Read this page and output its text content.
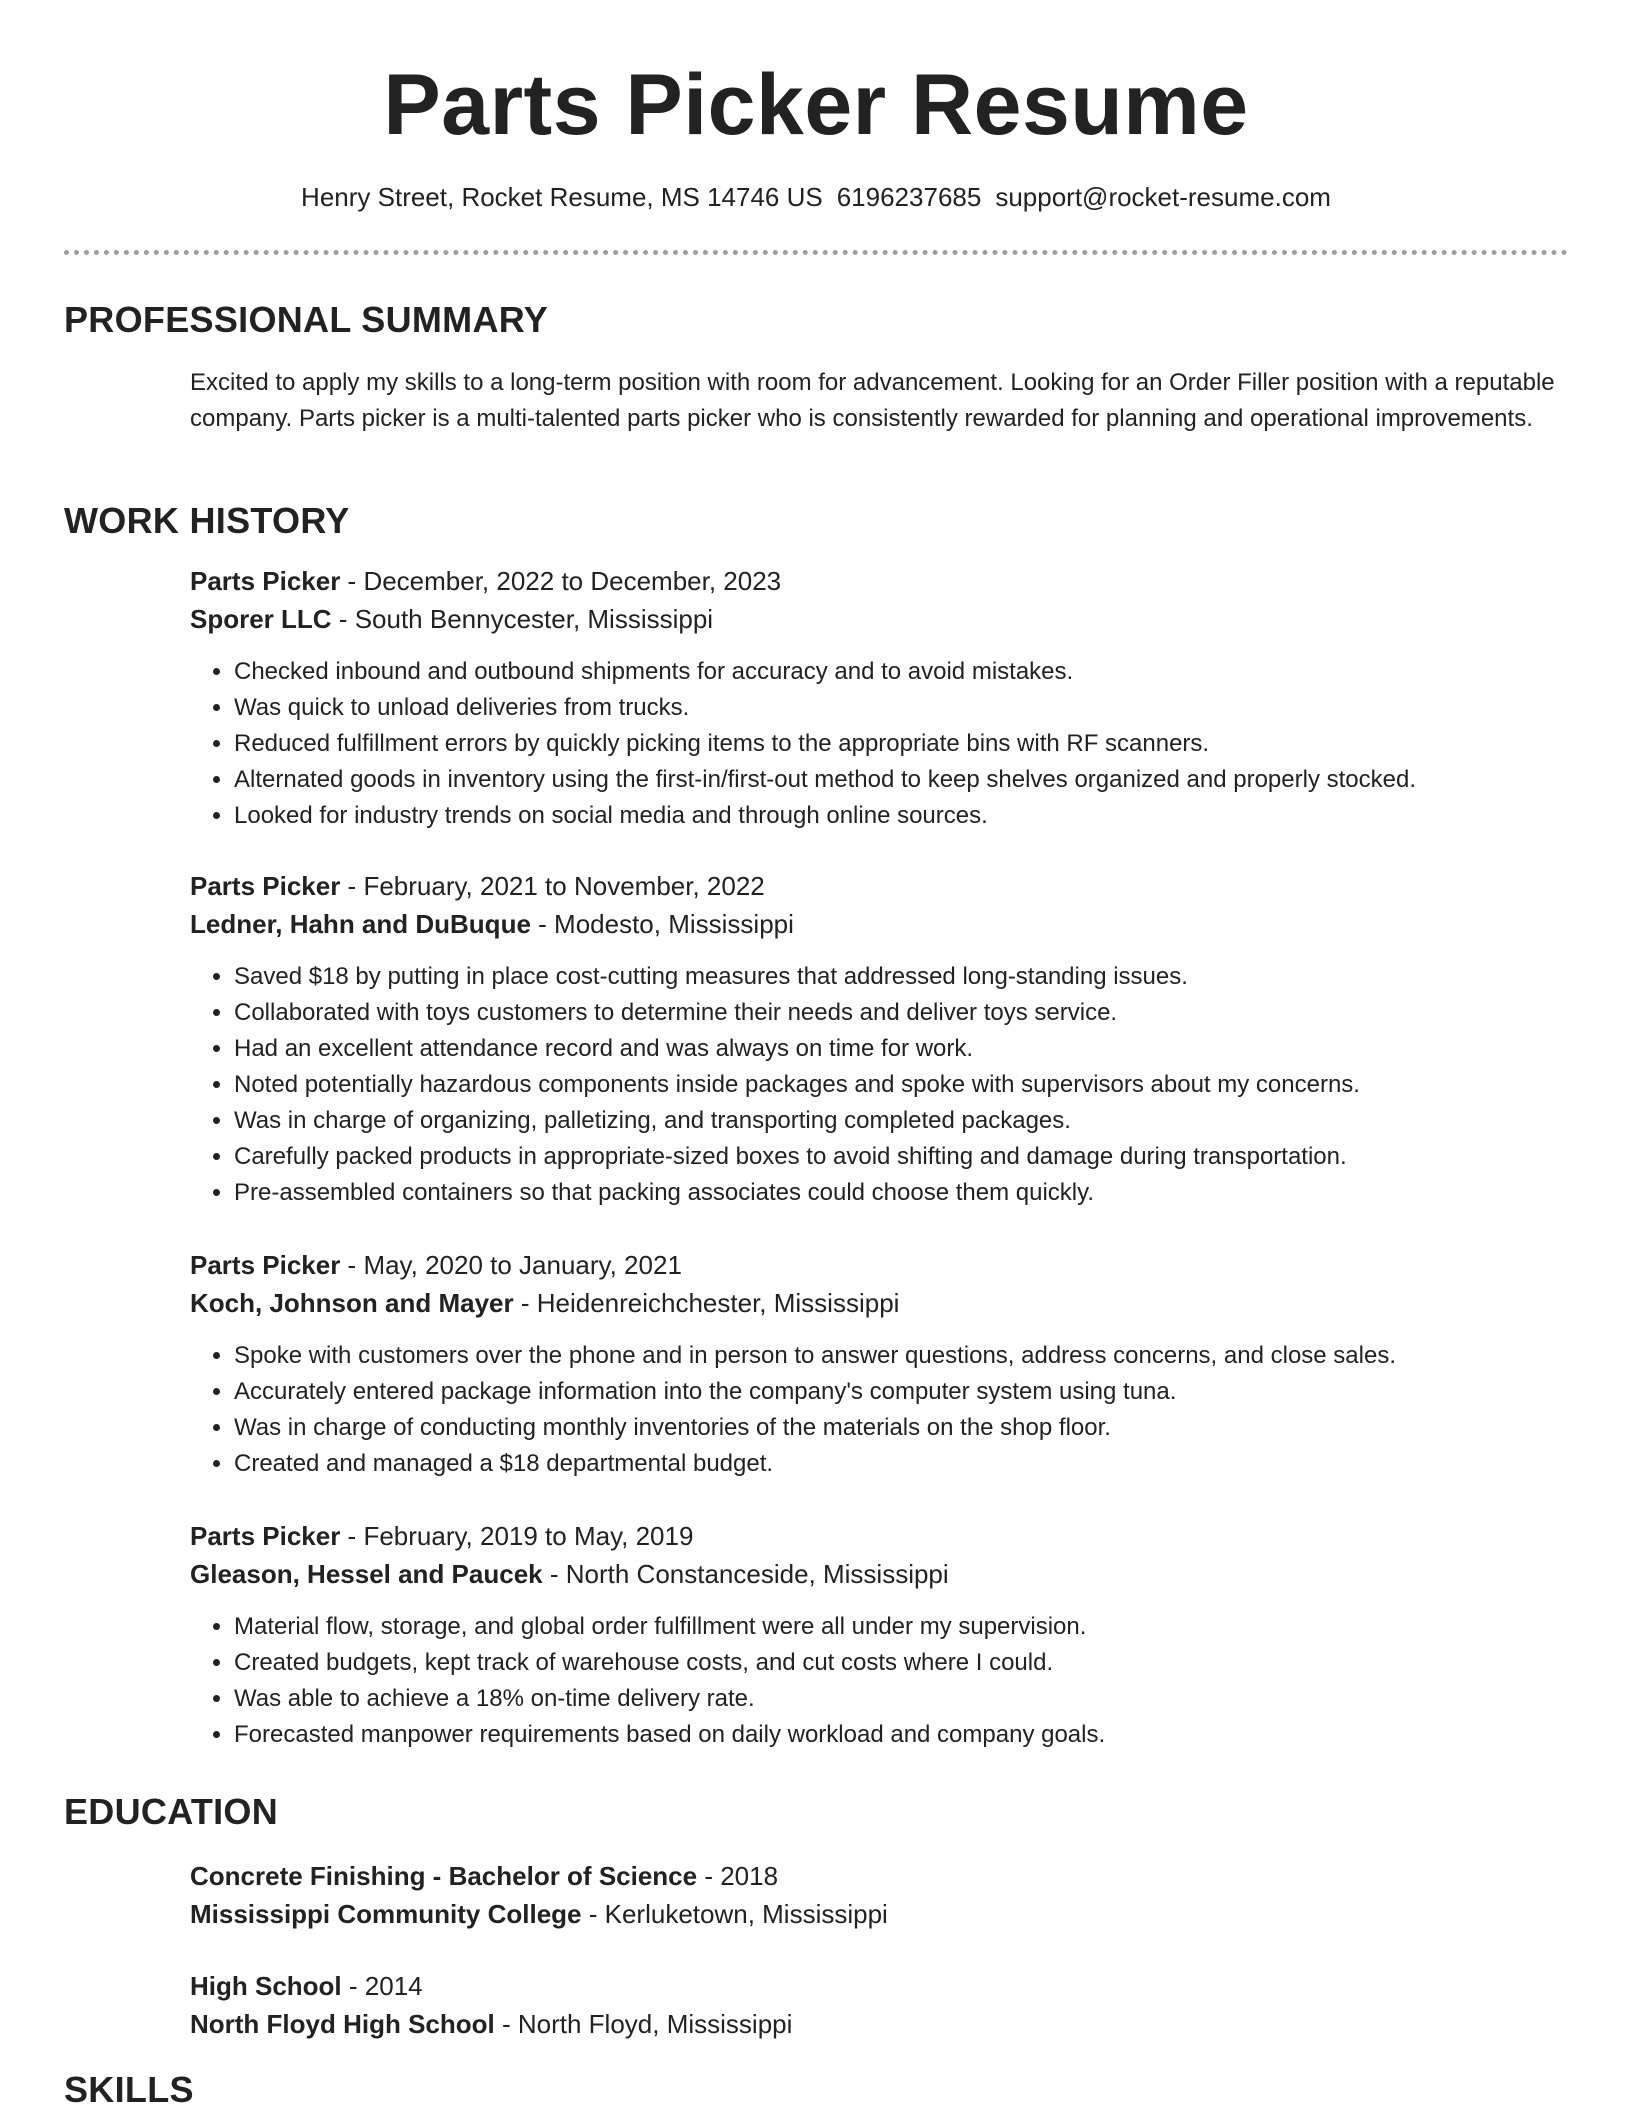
Parts Picker Resume
Henry Street, Rocket Resume, MS 14746 US 6196237685 support@rocket-resume.com
PROFESSIONAL SUMMARY
Excited to apply my skills to a long-term position with room for advancement. Looking for an Order Filler position with a reputable company. Parts picker is a multi-talented parts picker who is consistently rewarded for planning and operational improvements.
WORK HISTORY
Parts Picker - December, 2022 to December, 2023
Sporer LLC - South Bennycester, Mississippi
• Checked inbound and outbound shipments for accuracy and to avoid mistakes.
• Was quick to unload deliveries from trucks.
• Reduced fulfillment errors by quickly picking items to the appropriate bins with RF scanners.
• Alternated goods in inventory using the first-in/first-out method to keep shelves organized and properly stocked.
• Looked for industry trends on social media and through online sources.
Parts Picker - February, 2021 to November, 2022
Ledner, Hahn and DuBuque - Modesto, Mississippi
• Saved $18 by putting in place cost-cutting measures that addressed long-standing issues.
• Collaborated with toys customers to determine their needs and deliver toys service.
• Had an excellent attendance record and was always on time for work.
• Noted potentially hazardous components inside packages and spoke with supervisors about my concerns.
• Was in charge of organizing, palletizing, and transporting completed packages.
• Carefully packed products in appropriate-sized boxes to avoid shifting and damage during transportation.
• Pre-assembled containers so that packing associates could choose them quickly.
Parts Picker - May, 2020 to January, 2021
Koch, Johnson and Mayer - Heidenreichchester, Mississippi
• Spoke with customers over the phone and in person to answer questions, address concerns, and close sales.
• Accurately entered package information into the company's computer system using tuna.
• Was in charge of conducting monthly inventories of the materials on the shop floor.
• Created and managed a $18 departmental budget.
Parts Picker - February, 2019 to May, 2019
Gleason, Hessel and Paucek - North Constanceside, Mississippi
• Material flow, storage, and global order fulfillment were all under my supervision.
• Created budgets, kept track of warehouse costs, and cut costs where I could.
• Was able to achieve a 18% on-time delivery rate.
• Forecasted manpower requirements based on daily workload and company goals.
EDUCATION
Concrete Finishing - Bachelor of Science - 2018
Mississippi Community College - Kerluketown, Mississippi
High School - 2014
North Floyd High School - North Floyd, Mississippi
SKILLS
